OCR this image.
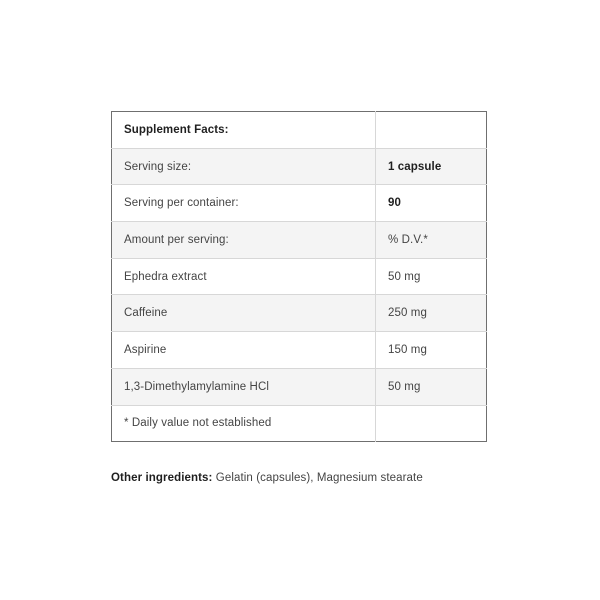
Supplement Facts:	
Serving size:	1 capsule
Serving per container:	90
Amount per serving:	% D.V.*
Ephedra extract	50 mg
Caffeine	250 mg
Aspirine	150 mg
1,3-Dimethylamylamine HCl	50 mg
* Daily value not established	
Other ingredients: Gelatin (capsules), Magnesium stearate
